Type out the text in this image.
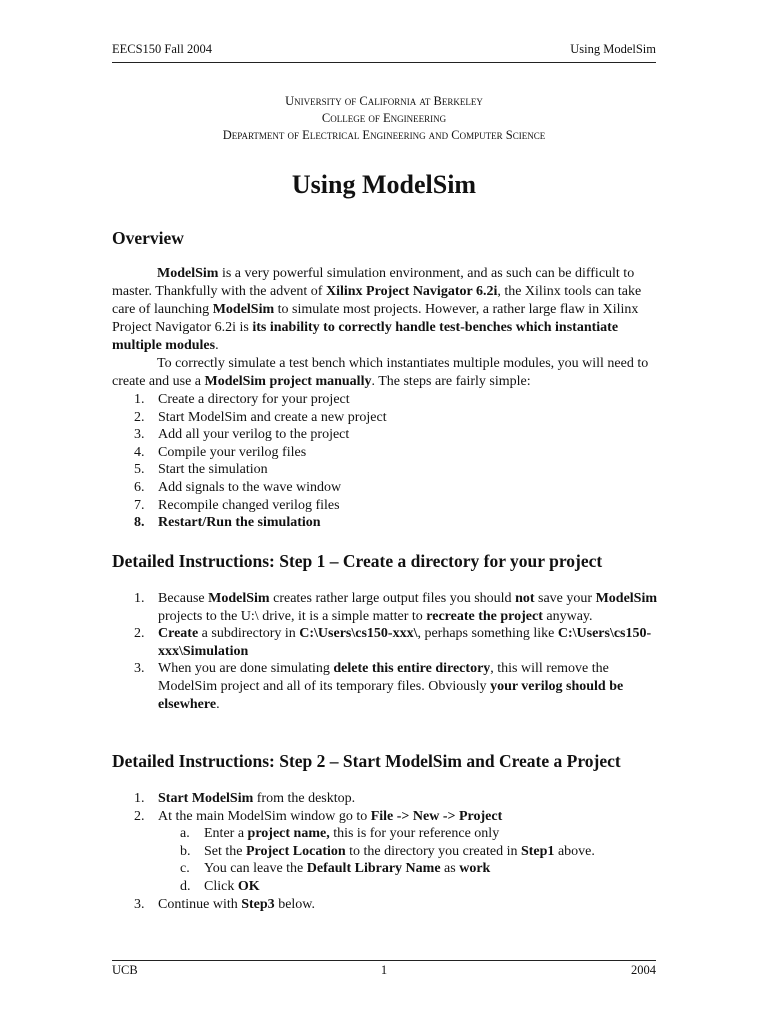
EECS150 Fall 2004	Using ModelSim
University of California at Berkeley
College of Engineering
Department of Electrical Engineering and Computer Science
Using ModelSim
Overview

ModelSim is a very powerful simulation environment, and as such can be difficult to master. Thankfully with the advent of Xilinx Project Navigator 6.2i, the Xilinx tools can take care of launching ModelSim to simulate most projects. However, a rather large flaw in Xilinx Project Navigator 6.2i is its inability to correctly handle test-benches which instantiate multiple modules.

To correctly simulate a test bench which instantiates multiple modules, you will need to create and use a ModelSim project manually. The steps are fairly simple:

1. Create a directory for your project
2. Start ModelSim and create a new project
3. Add all your verilog to the project
4. Compile your verilog files
5. Start the simulation
6. Add signals to the wave window
7. Recompile changed verilog files
8. Restart/Run the simulation
Detailed Instructions: Step 1 – Create a directory for your project
1. Because ModelSim creates rather large output files you should not save your ModelSim projects to the U:\ drive, it is a simple matter to recreate the project anyway.
2. Create a subdirectory in C:\Users\cs150-xxx\, perhaps something like C:\Users\cs150-xxx\Simulation
3. When you are done simulating delete this entire directory, this will remove the ModelSim project and all of its temporary files. Obviously your verilog should be elsewhere.
Detailed Instructions: Step 2 – Start ModelSim and Create a Project
1. Start ModelSim from the desktop.
2. At the main ModelSim window go to File -> New -> Project
a. Enter a project name, this is for your reference only
b. Set the Project Location to the directory you created in Step1 above.
c. You can leave the Default Library Name as work
d. Click OK
3. Continue with Step3 below.
UCB	1	2004
